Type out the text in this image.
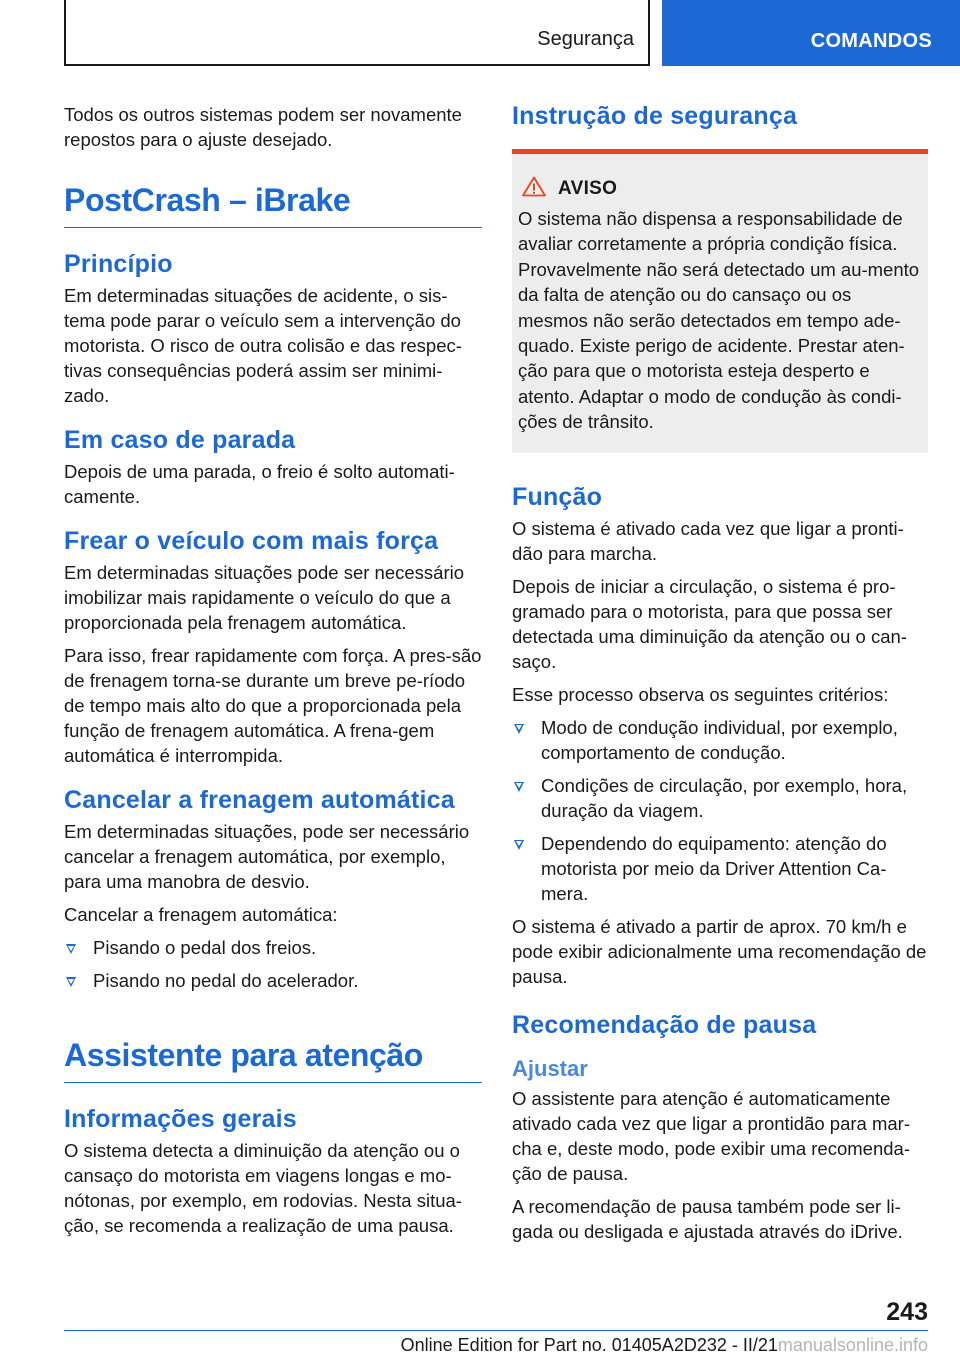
Segurança	COMANDOS

Todos os outros sistemas podem ser novamente repostos para o ajuste desejado.

PostCrash – iBrake
Princípio

Em determinadas situações de acidente, o sis-tema pode parar o veículo sem a intervenção do motorista. O risco de outra colisão e das respec-tivas consequências poderá assim ser minimi-zado.

Em caso de parada

Depois de uma parada, o freio é solto automati-camente.

Frear o veículo com mais força

Em determinadas situações pode ser necessário imobilizar mais rapidamente o veículo do que a proporcionada pela frenagem automática.

Para isso, frear rapidamente com força. A pres-são de frenagem torna-se durante um breve pe-ríodo de tempo mais alto do que a proporcionada pela função de frenagem automática. A frena-gem automática é interrompida.

Cancelar a frenagem automática

Em determinadas situações, pode ser necessário cancelar a frenagem automática, por exemplo, para uma manobra de desvio.

Cancelar a frenagem automática:

Pisando o pedal dos freios.
Pisando no pedal do acelerador.
Assistente para atenção
Informações gerais

O sistema detecta a diminuição da atenção ou o cansaço do motorista em viagens longas e mo-nótonas, por exemplo, em rodovias. Nesta situa-ção, se recomenda a realização de uma pausa.

Instrução de segurança
AVISO

O sistema não dispensa a responsabilidade de avaliar corretamente a própria condição física. Provavelmente não será detectado um au-mento da falta de atenção ou do cansaço ou os mesmos não serão detectados em tempo ade-quado. Existe perigo de acidente. Prestar aten-ção para que o motorista esteja desperto e atento. Adaptar o modo de condução às condi-ções de trânsito.

Função

O sistema é ativado cada vez que ligar a pronti-dão para marcha.

Depois de iniciar a circulação, o sistema é pro-gramado para o motorista, para que possa ser detectada uma diminuição da atenção ou o can-saço.

Esse processo observa os seguintes critérios:

Modo de condução individual, por exemplo, comportamento de condução.
Condições de circulação, por exemplo, hora, duração da viagem.
Dependendo do equipamento: atenção do motorista por meio da Driver Attention Ca-mera.

O sistema é ativado a partir de aprox. 70 km/h e pode exibir adicionalmente uma recomendação de pausa.

Recomendação de pausa
Ajustar

O assistente para atenção é automaticamente ativado cada vez que ligar a prontidão para mar-cha e, deste modo, pode exibir uma recomenda-ção de pausa.

A recomendação de pausa também pode ser li-gada ou desligada e ajustada através do iDrive.

243
Online Edition for Part no. 01405A2D232 - II/21manualsonline.info
